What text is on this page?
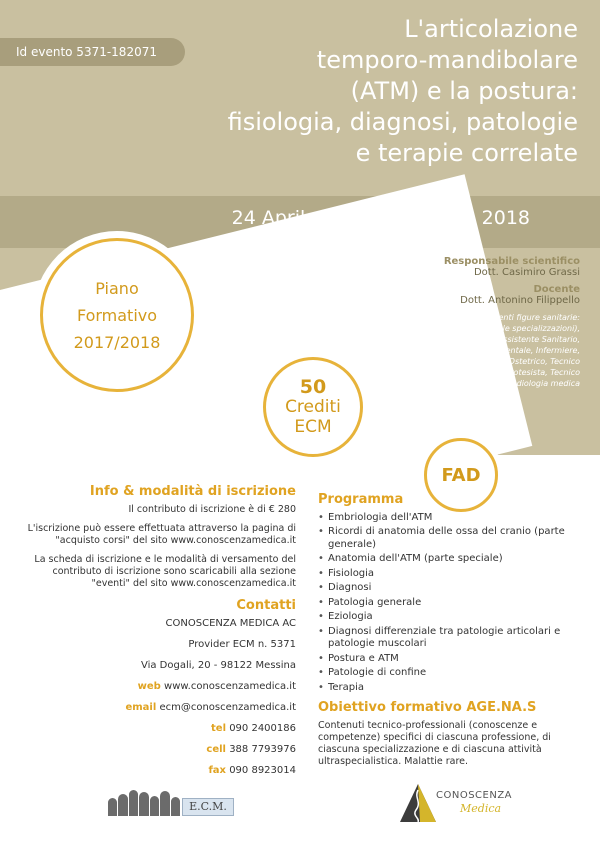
Id evento 5371-182071
L'articolazione
temporo-mandibolare
(ATM) e la postura:
fisiologia, diagnosi, patologie
e terapie correlate
24 Aprile 2017 - 23 Aprile 2018
Responsabile scientifico
Dott. Casimiro Grassi
Docente
Dott. Antonino Filippello
Il corso è rivolto alle seguenti figure sanitarie:
Medico chirurgo (tutte le specializzazioni), Fisioterapista, Odontoiatra, Assistente Sanitario, Educatore professionale, Igienista dentale, Infermiere, Infermiere pediatrico, Logopedista, Ostetrico, Tecnico audiometrista, Tecnico audioprotesista, Tecnico ortopedico, Tecnico sanitario di radiologia medica
Piano
Formativo
2017/2018
50
Crediti
ECM
FAD
Info & modalità di iscrizione

Il contributo di iscrizione è di € 280

L'iscrizione può essere effettuata attraverso la pagina di "acquisto corsi" del sito www.conoscenzamedica.it

La scheda di iscrizione e le modalità di versamento del contributo di iscrizione sono scaricabili alla sezione "eventi" del sito www.conoscenzamedica.it

Contatti
CONOSCENZA MEDICA AC
Provider ECM n. 5371
Via Dogali, 20 - 98122 Messina
web www.conoscenzamedica.it
email ecm@conoscenzamedica.it
tel 090 2400186
cell 388 7793976
fax 090 8923014
Programma
• Embriologia dell'ATM
• Ricordi di anatomia delle ossa del cranio (parte generale)
• Anatomia dell'ATM (parte speciale)
• Fisiologia
• Diagnosi
• Patologia generale
• Eziologia
• Diagnosi differenziale tra patologie articolari e patologie muscolari
• Postura e ATM
• Patologie di confine
• Terapia
Obiettivo formativo AGE.NA.S
Contenuti tecnico-professionali (conoscenze e competenze) specifici di ciascuna professione, di ciascuna specializzazione e di ciascuna attività ultraspecialistica. Malattie rare.
E.C.M.
CONOSCENZA
Medica
